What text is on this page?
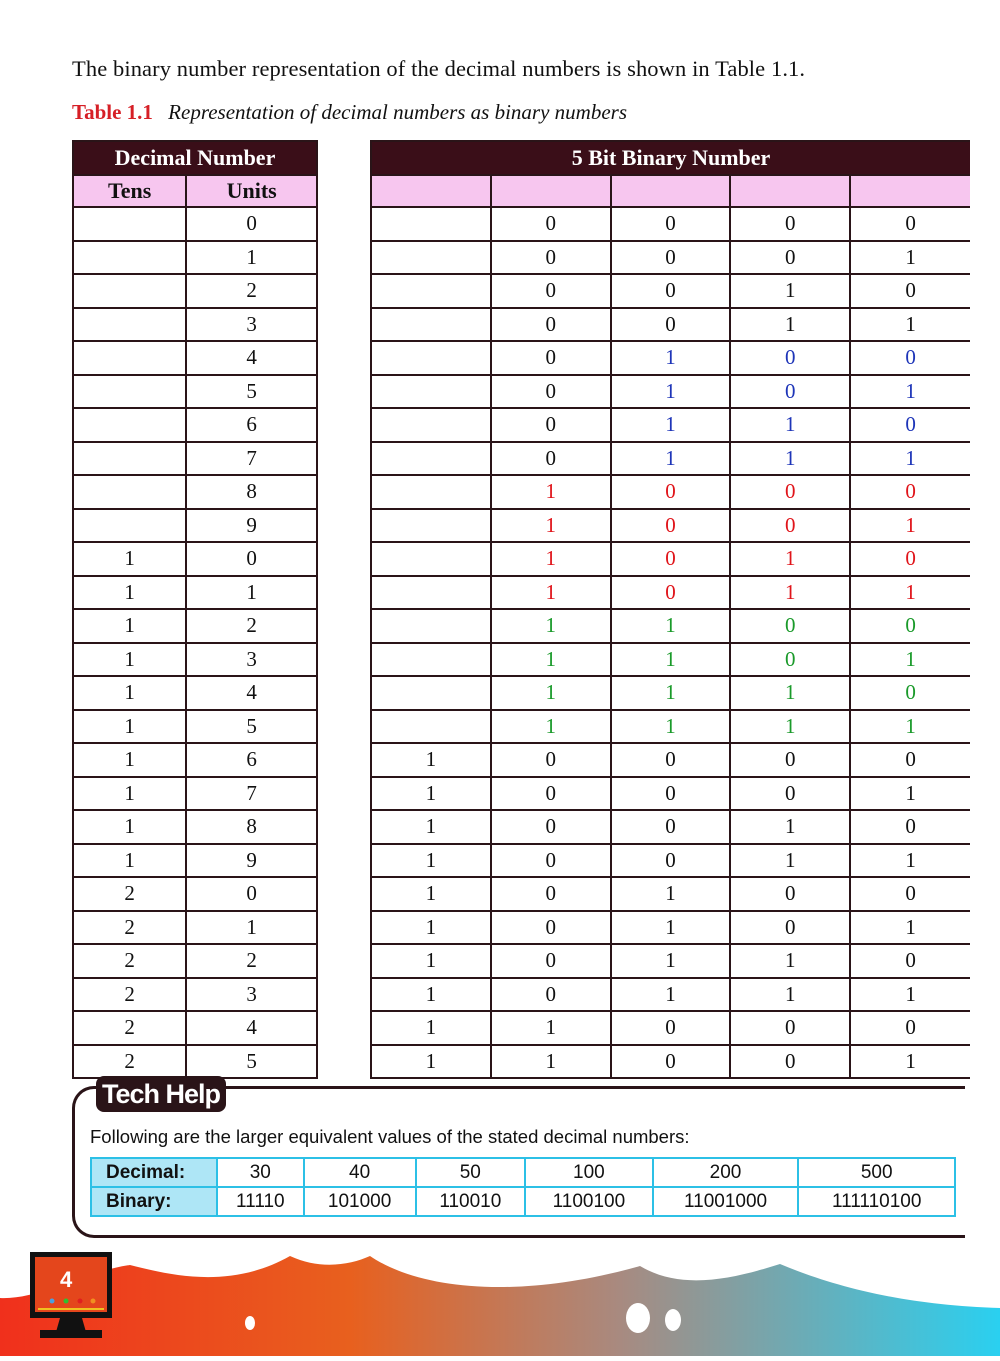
The binary number representation of the decimal numbers is shown in Table 1.1.
Table 1.1 Representation of decimal numbers as binary numbers
Decimal Number	
Tens	Units
	0
	1
	2
	3
	4
	5
	6
	7
	8
	9
1	0
1	1
1	2
1	3
1	4
1	5
1	6
1	7
1	8
1	9
2	0
2	1
2	2
2	3
2	4
2	5
5 Bit Binary Number				

	0	0	0	0
	0	0	0	1
	0	0	1	0
	0	0	1	1
	0	1	0	0
	0	1	0	1
	0	1	1	0
	0	1	1	1
	1	0	0	0
	1	0	0	1
	1	0	1	0
	1	0	1	1
	1	1	0	0
	1	1	0	1
	1	1	1	0
	1	1	1	1
1	0	0	0	0
1	0	0	0	1
1	0	0	1	0
1	0	0	1	1
1	0	1	0	0
1	0	1	0	1
1	0	1	1	0
1	0	1	1	1
1	1	0	0	0
1	1	0	0	1
Tech Help
Following are the larger equivalent values of the stated decimal numbers:
Decimal:	30	40	50	100	200	500
Binary:	11110	101000	110010	1100100	11001000	111110100
4
